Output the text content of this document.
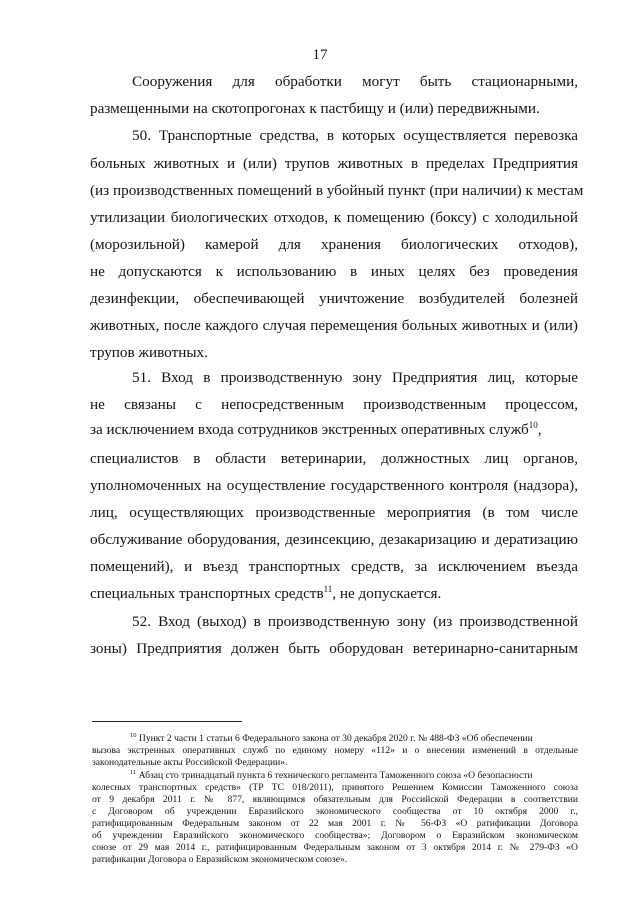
17
Сооружения для обработки могут быть стационарными,
размещенными на скотопрогонах к пастбищу и (или) передвижными.
50. Транспортные средства, в которых осуществляется перевозка
больных животных и (или) трупов животных в пределах Предприятия
(из производственных помещений в убойный пункт (при наличии) к местам
утилизации биологических отходов, к помещению (боксу) с холодильной
(морозильной) камерой для хранения биологических отходов),
не допускаются к использованию в иных целях без проведения
дезинфекции, обеспечивающей уничтожение возбудителей болезней
животных, после каждого случая перемещения больных животных и (или)
трупов животных.
51. Вход в производственную зону Предприятия лиц, которые
не связаны с непосредственным производственным процессом,
за исключением входа сотрудников экстренных оперативных служб$^{10}$,
специалистов в области ветеринарии, должностных лиц органов,
уполномоченных на осуществление государственного контроля (надзора),
лиц, осуществляющих производственные мероприятия (в том числе
обслуживание оборудования, дезинсекцию, дезакаризацию и дератизацию
помещений), и въезд транспортных средств, за исключением въезда
специальных транспортных средств$^{11}$, не допускается.
52. Вход (выход) в производственную зону (из производственной
зоны) Предприятия должен быть оборудован ветеринарно-санитарным
$^{10}$ Пункт 2 части 1 статьи 6 Федерального закона от 30 декабря 2020 г. № 488-ФЗ «Об обеспечении
вызова экстренных оперативных служб по единому номеру «112» и о внесении изменений в отдельные
законодательные акты Российской Федерации».
$^{11}$ Абзац сто тринадцатый пункта 6 технического регламента Таможенного союза «О безопасности
колесных транспортных средств» (ТР ТС 018/2011), принятого Решением Комиссии Таможенного союза
от 9 декабря 2011 г. № 877, являющимся обязательным для Российской Федерации в соответствии
с Договором об учреждении Евразийского экономического сообщества от 10 октября 2000 г.,
ратифицированным Федеральным законом от 22 мая 2001 г. № 56-ФЗ «О ратификации Договора
об учреждении Евразийского экономического сообщества»; Договором о Евразийском экономическом
союзе от 29 мая 2014 г., ратифицированным Федеральным законом от 3 октября 2014 г. № 279-ФЗ «О
ратификации Договора о Евразийском экономическом союзе».
